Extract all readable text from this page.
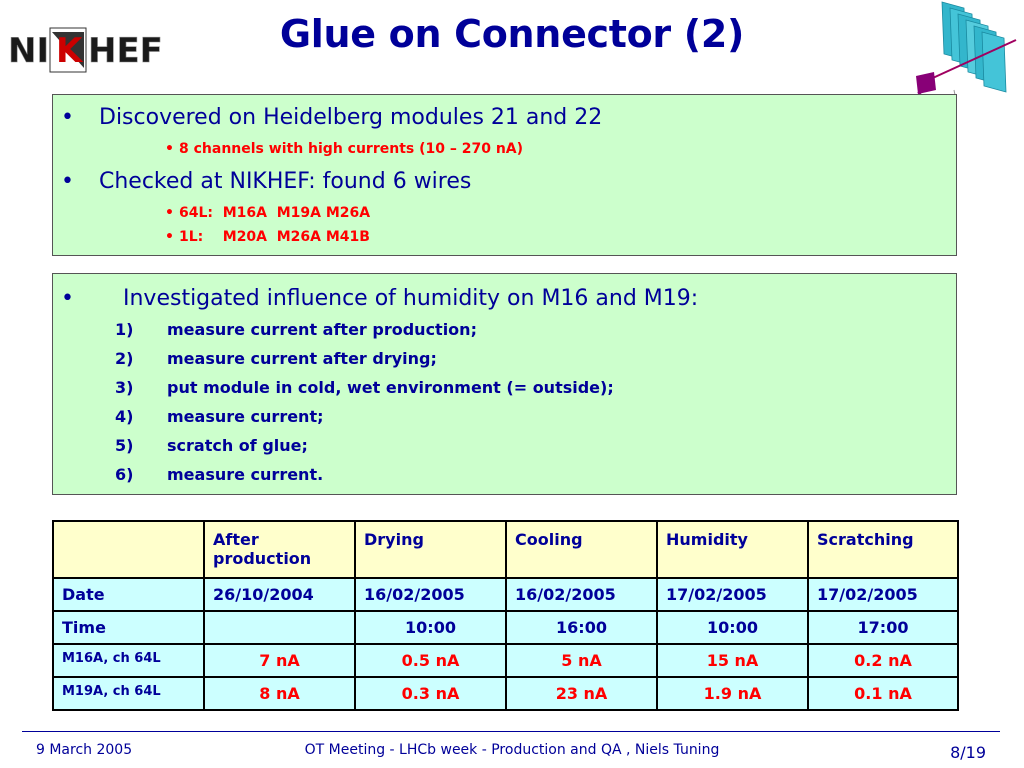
NI K HEF	Glue on Connector (2)
• Discovered on Heidelberg modules 21 and 22
• 8 channels with high currents (10 – 270 nA)
• Checked at NIKHEF: found 6 wires
• 64L:  M16A  M19A M26A
• 1L:    M20A  M26A M41B
• Investigated influence of humidity on M16 and M19:
1) measure current after production;
2) measure current after drying;
3) put module in cold, wet environment (= outside);
4) measure current;
5) scratch of glue;
6) measure current.
	After production	Drying	Cooling	Humidity	Scratching
Date	26/10/2004	16/02/2005	16/02/2005	17/02/2005	17/02/2005
Time		10:00	16:00	10:00	17:00
M16A, ch 64L	7 nA	0.5 nA	5 nA	15 nA	0.2 nA
M19A, ch 64L	8 nA	0.3 nA	23 nA	1.9 nA	0.1 nA
9 March 2005	OT Meeting - LHCb week - Production and QA , Niels Tuning	8/19
